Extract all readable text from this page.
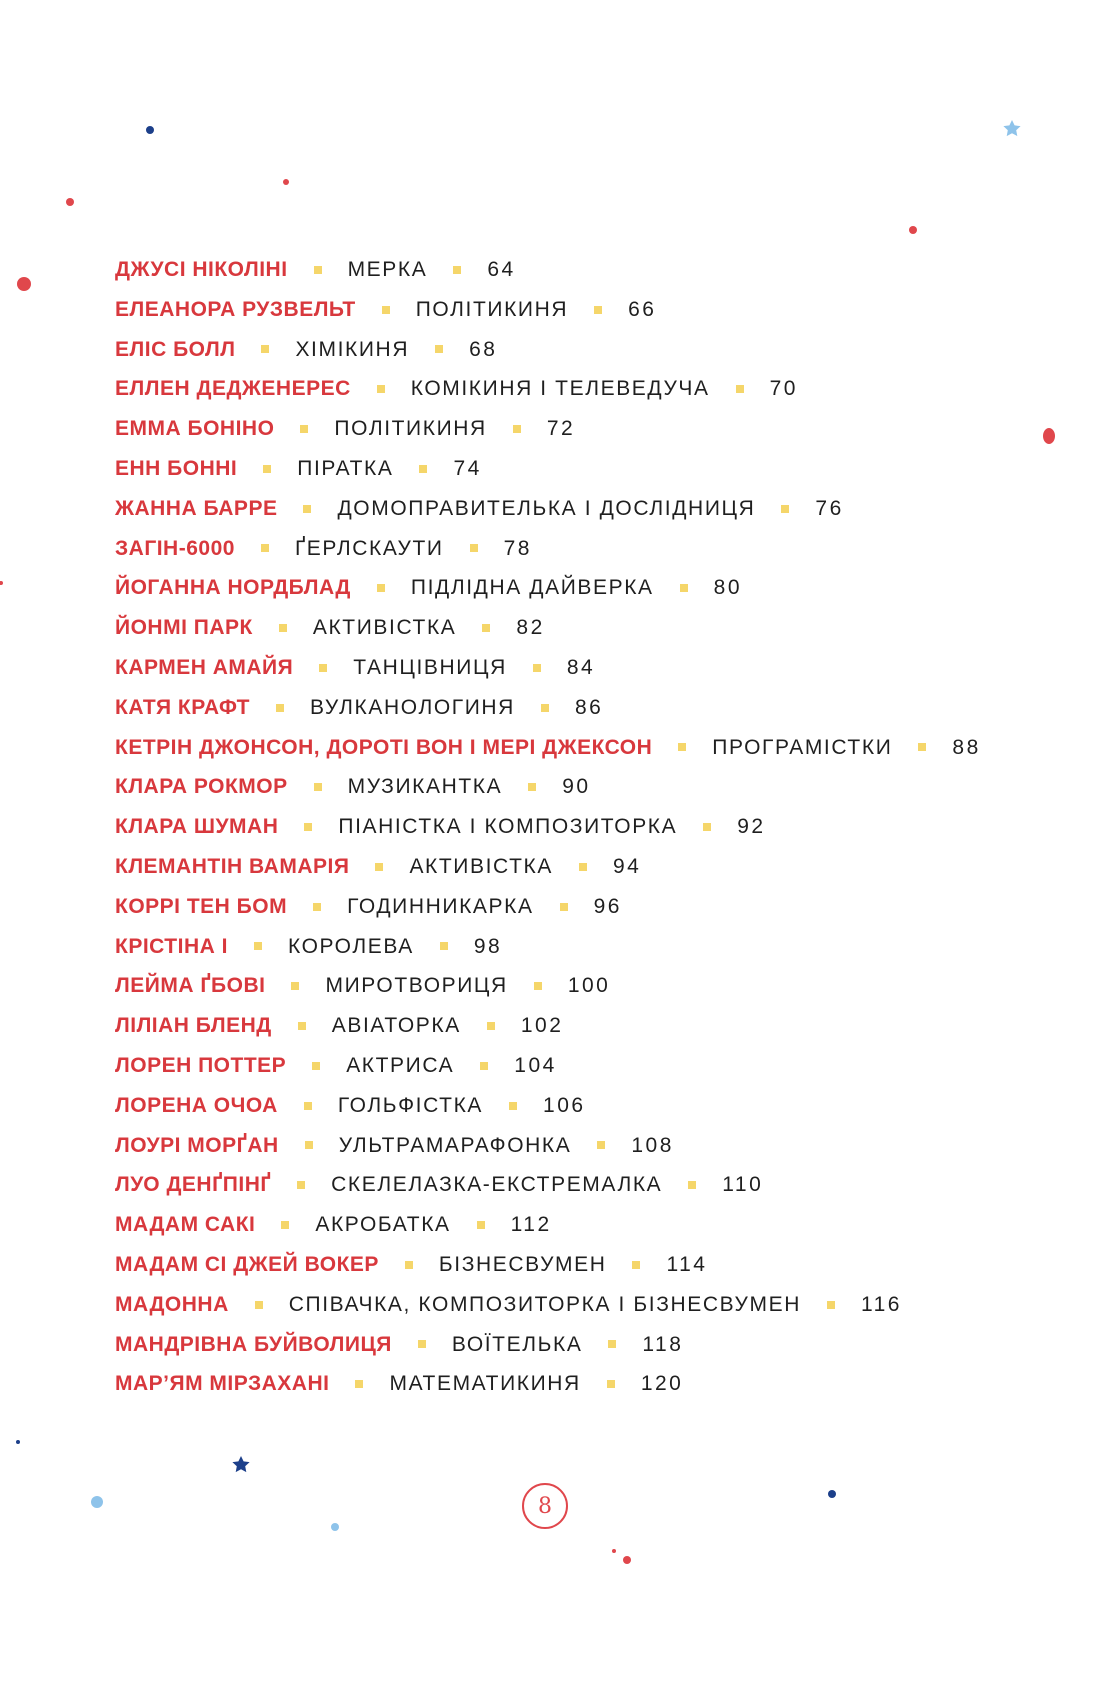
ДЖУСІ НІКОЛІНІ	МЕРКА	64
ЕЛЕАНОРА РУЗВЕЛЬТ	ПОЛІТИКИНЯ	66
ЕЛІС БОЛЛ	ХІМІКИНЯ	68
ЕЛЛЕН ДЕДЖЕНЕРЕС	КОМІКИНЯ І ТЕЛЕВЕДУЧА	70
ЕММА БОНІНО	ПОЛІТИКИНЯ	72
ЕНН БОННІ	ПІРАТКА	74
ЖАННА БАРРЕ	ДОМОПРАВИТЕЛЬКА І ДОСЛІДНИЦЯ	76
ЗАГІН-6000	ҐЕРЛСКАУТИ	78
ЙОГАННА НОРДБЛАД	ПІДЛІДНА ДАЙВЕРКА	80
ЙОНМІ ПАРК	АКТИВІСТКА	82
КАРМЕН АМАЙЯ	ТАНЦІВНИЦЯ	84
КАТЯ КРАФТ	ВУЛКАНОЛОГИНЯ	86
КЕТРІН ДЖОНСОН, ДОРОТІ ВОН І МЕРІ ДЖЕКСОН	ПРОГРАМІСТКИ	88
КЛАРА РОКМОР	МУЗИКАНТКА	90
КЛАРА ШУМАН	ПІАНІСТКА І КОМПОЗИТОРКА	92
КЛЕМАНТІН ВАМАРІЯ	АКТИВІСТКА	94
КОРРІ ТЕН БОМ	ГОДИННИКАРКА	96
КРІСТІНА І	КОРОЛЕВА	98
ЛЕЙМА ҐБОВІ	МИРОТВОРИЦЯ	100
ЛІЛІАН БЛЕНД	АВІАТОРКА	102
ЛОРЕН ПОТТЕР	АКТРИСА	104
ЛОРЕНА ОЧОА	ГОЛЬФІСТКА	106
ЛОУРІ МОРҐАН	УЛЬТРАМАРАФОНКА	108
ЛУО ДЕНҐПІНҐ	СКЕЛЕЛАЗКА-ЕКСТРЕМАЛКА	110
МАДАМ САКІ	АКРОБАТКА	112
МАДАМ СІ ДЖЕЙ ВОКЕР	БІЗНЕСВУМЕН	114
МАДОННА	СПІВАЧКА, КОМПОЗИТОРКА І БІЗНЕСВУМЕН	116
МАНДРІВНА БУЙВОЛИЦЯ	ВОЇТЕЛЬКА	118
МАР’ЯМ МІРЗАХАНІ	МАТЕМАТИКИНЯ	120
8
